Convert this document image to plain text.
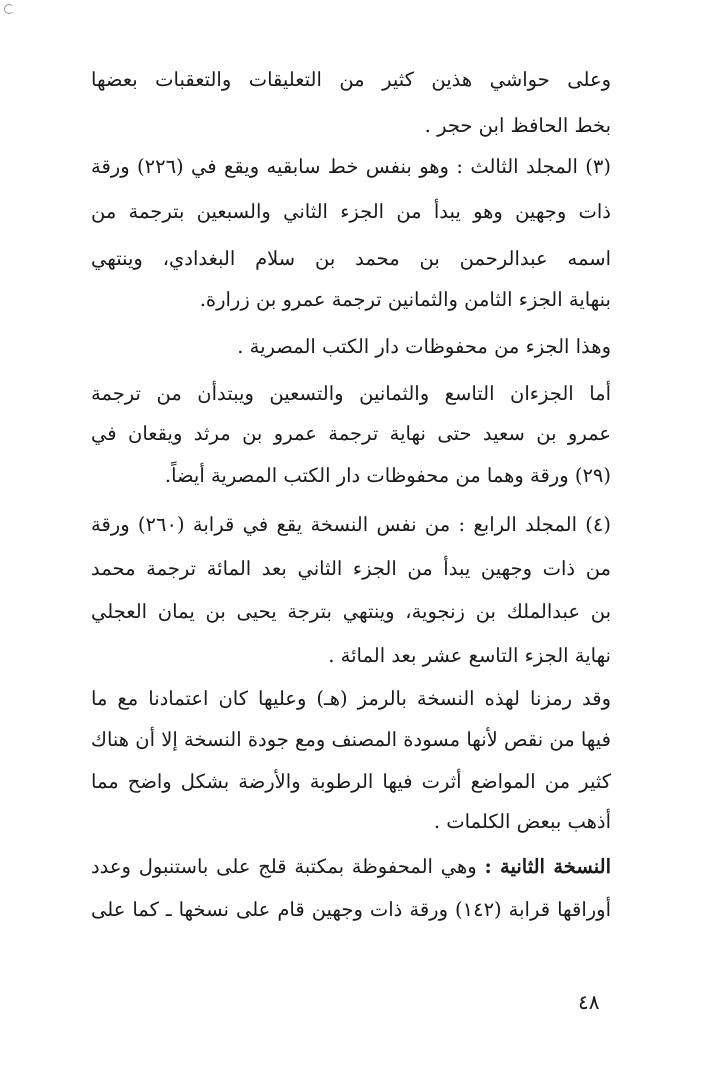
وعلى حواشي هذين كثير من التعليقات والتعقبات بعضها
بخط الحافظ ابن حجر .
(٣) المجلد الثالث : وهو بنفس خط سابقيه ويقع في (٢٢٦) ورقة
ذات وجهين وهو يبدأ من الجزء الثاني والسبعين بترجمة من
اسمه عبدالرحمن بن محمد بن سلام البغدادي، وينتهي
بنهاية الجزء الثامن والثمانين ترجمة عمرو بن زرارة.
وهذا الجزء من محفوظات دار الكتب المصرية .
أما الجزءان التاسع والثمانين والتسعين ويبتدأن من ترجمة
عمرو بن سعيد حتى نهاية ترجمة عمرو بن مرثد ويقعان في
(٢٩) ورقة وهما من محفوظات دار الكتب المصرية أيضاً.
(٤) المجلد الرابع : من نفس النسخة يقع في قرابة (٢٦٠) ورقة
من ذات وجهين يبدأ من الجزء الثاني بعد المائة ترجمة محمد
بن عبدالملك بن زنجوية، وينتهي بترجة يحيى بن يمان العجلي
نهاية الجزء التاسع عشر بعد المائة .
وقد رمزنا لهذه النسخة بالرمز (هـ) وعليها كان اعتمادنا مع ما
فيها من نقص لأنها مسودة المصنف ومع جودة النسخة إلا أن هناك
كثير من المواضع أثرت فيها الرطوبة والأرضة بشكل واضح مما
أذهب ببعض الكلمات .
النسخة الثانية : وهي المحفوظة بمكتبة قلج على باستنبول وعدد
أوراقها قرابة (١٤٢) ورقة ذات وجهين قام على نسخها ـ كما على
٤٨
